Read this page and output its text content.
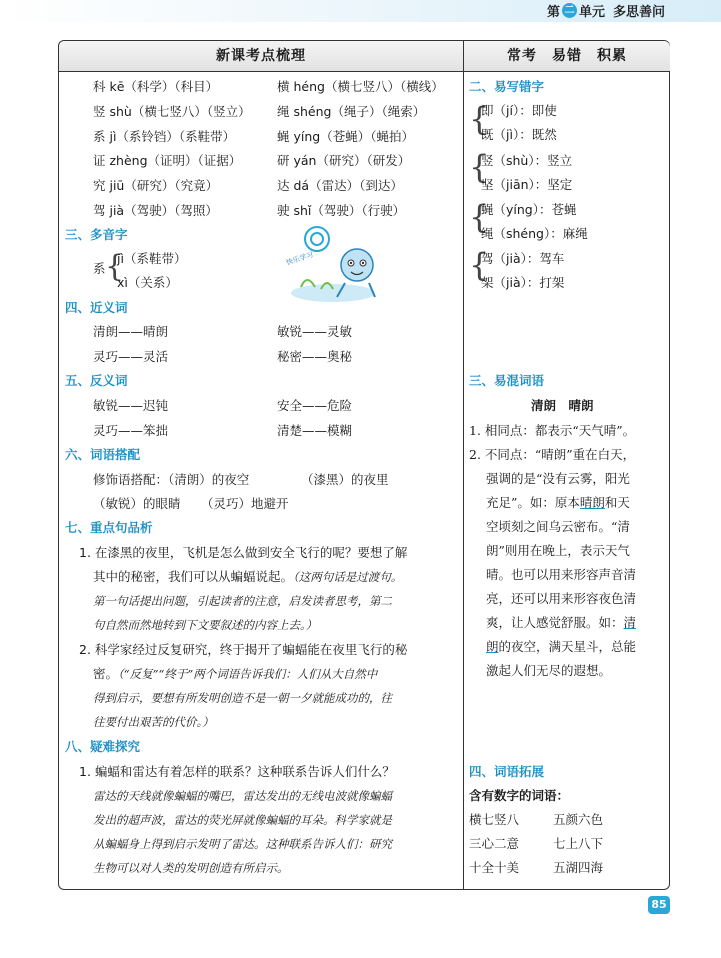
第 二 单元 多思善问
新课考点梳理	常考　易错　积累
科 kē（科学）（科目）	横 héng（横七竖八）（横线）
竖 shù（横七竖八）（竖立） 绳 shéng（绳子）（绳索）
系 jì（系铃铛）（系鞋带）	蝇 yíng（苍蝇）（蝇拍）
证 zhèng（证明）（证据）	研 yán（研究）（研发）
究 jiū（研究）（究竟）	达 dá（雷达）（到达）
驾 jià（驾驶）（驾照）	驶 shǐ（驾驶）（行驶）
三、多音字
系 {
jì（系鞋带）
xì（关系）
快乐学习
四、近义词
清朗——晴朗	敏锐——灵敏
灵巧——灵活	秘密——奥秘
五、反义词
敏锐——迟钝	安全——危险
灵巧——笨拙	清楚——模糊
六、词语搭配
修饰语搭配：（清朗）的夜空	（漆黑）的夜里
（敏锐）的眼睛 （灵巧）地避开
七、重点句品析
1. 在漆黑的夜里，飞机是怎么做到安全飞行的呢？要想了解
其中的秘密，我们可以从蝙蝠说起。（这两句话是过渡句。
第一句话提出问题，引起读者的注意，启发读者思考，第二
句自然而然地转到下文要叙述的内容上去。）
2. 科学家经过反复研究，终于揭开了蝙蝠能在夜里飞行的秘
密。（“反复”“终于”两个词语告诉我们：人们从大自然中
得到启示，要想有所发明创造不是一朝一夕就能成功的，往
往要付出艰苦的代价。）
八、疑难探究
1. 蝙蝠和雷达有着怎样的联系？这种联系告诉人们什么？
雷达的天线就像蝙蝠的嘴巴，雷达发出的无线电波就像蝙蝠
发出的超声波，雷达的荧光屏就像蝙蝠的耳朵。科学家就是
从蝙蝠身上得到启示发明了雷达。这种联系告诉人们：研究
生物可以对人类的发明创造有所启示。
二、易写错字
{
即（jí）：即使
既（jì）：既然
{
竖（shù）：竖立
坚（jiān）：坚定
{
蝇（yíng）：苍蝇
绳（shéng）：麻绳
{
驾（jià）：驾车
架（jià）：打架
三、易混词语
清朗　晴朗
1. 相同点：都表示“天气晴”。
2. 不同点：“晴朗”重在白天，
强调的是“没有云雾，阳光
充足”。如：原本晴朗和天
空顷刻之间乌云密布。“清
朗”则用在晚上，表示天气
晴。也可以用来形容声音清
亮，还可以用来形容夜色清
爽，让人感觉舒服。如：清
朗的夜空，满天星斗，总能
激起人们无尽的遐想。
四、词语拓展
含有数字的词语：
横七竖八	五颜六色
三心二意	七上八下
十全十美	五湖四海
85
